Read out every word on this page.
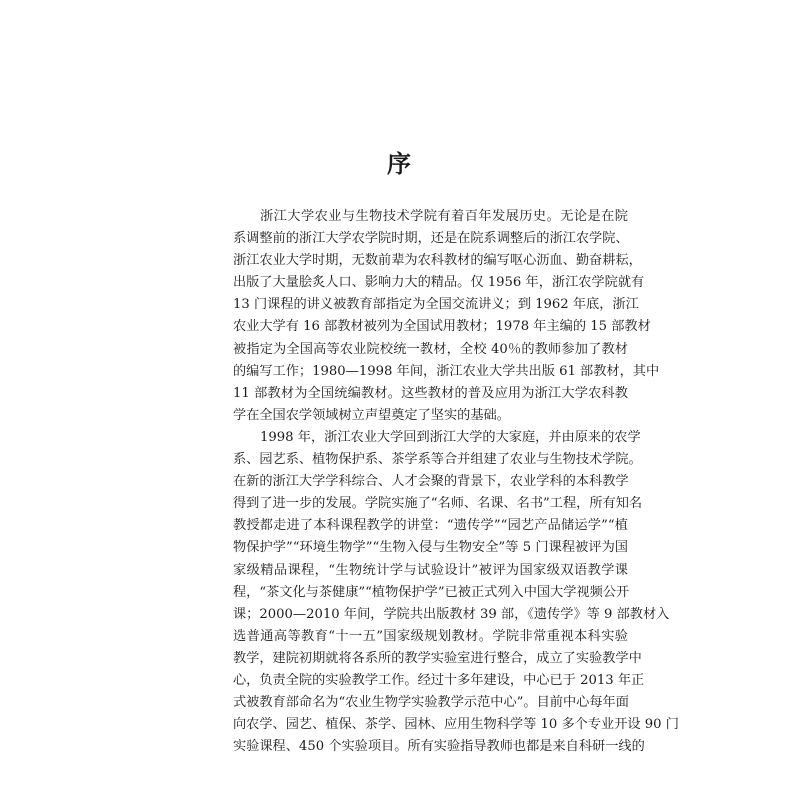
序
浙江大学农业与生物技术学院有着百年发展历史。无论是在院
系调整前的浙江大学农学院时期，还是在院系调整后的浙江农学院、
浙江农业大学时期，无数前辈为农科教材的编写呕心沥血、勤奋耕耘，
出版了大量脍炙人口、影响力大的精品。仅 1956 年，浙江农学院就有
13 门课程的讲义被教育部指定为全国交流讲义；到 1962 年底，浙江
农业大学有 16 部教材被列为全国试用教材；1978 年主编的 15 部教材
被指定为全国高等农业院校统一教材，全校 40％的教师参加了教材
的编写工作；1980—1998 年间，浙江农业大学共出版 61 部教材，其中
11 部教材为全国统编教材。这些教材的普及应用为浙江大学农科教
学在全国农学领域树立声望奠定了坚实的基础。
1998 年，浙江农业大学回到浙江大学的大家庭，并由原来的农学
系、园艺系、植物保护系、茶学系等合并组建了农业与生物技术学院。
在新的浙江大学学科综合、人才会聚的背景下，农业学科的本科教学
得到了进一步的发展。学院实施了“名师、名课、名书”工程，所有知名
教授都走进了本科课程教学的讲堂：“遗传学”“园艺产品储运学”“植
物保护学”“环境生物学”“生物入侵与生物安全”等 5 门课程被评为国
家级精品课程，“生物统计学与试验设计”被评为国家级双语教学课
程，“茶文化与茶健康”“植物保护学”已被正式列入中国大学视频公开
课；2000—2010 年间，学院共出版教材 39 部，《遗传学》等 9 部教材入
选普通高等教育“十一五”国家级规划教材。学院非常重视本科实验
教学，建院初期就将各系所的教学实验室进行整合，成立了实验教学中
心，负责全院的实验教学工作。经过十多年建设，中心已于 2013 年正
式被教育部命名为“农业生物学实验教学示范中心”。目前中心每年面
向农学、园艺、植保、茶学、园林、应用生物科学等 10 多个专业开设 90 门
实验课程、450 个实验项目。所有实验指导教师也都是来自科研一线的
